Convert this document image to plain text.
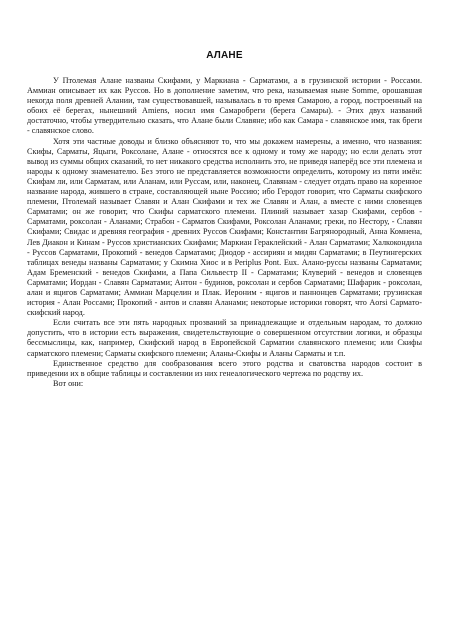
АЛАНЕ

У Птолемая Алане названы Скифами, у Маркиана - Сарматами, а в грузинской истории - Россами. Аммиан описывает их как Руссов. Но в дополнение заметим, что река, называемая ныне Somme, орошавшая некогда поля древней Алании, там существовавшей, называлась в то время Самарою, а город, построенный на обоих её берегах, нынешний Amiens, носил имя Самаробреги (берега Самары). - Этих двух названий достаточно, чтобы утвердительно сказать, что Алане были Славяне; ибо как Самара - славянское имя, так бреги - славянское слово.

Хотя эти частные доводы и близко объясняют то, что мы докажем намерены, а именно, что названия: Скифы, Сарматы, Яцыги, Роксолане, Алане - относятся все к одному и тому же народу; но если делать этот вывод из суммы общих сказаний, то нет никакого средства исполнить это, не приведя наперёд все эти племена и народы к одному знаменателю. Без этого не представляется возможности определить, которому из пяти имён: Скифам ли, или Сарматам, или Аланам, или Руссам, или, наконец, Славянам - следует отдать право на коренное название народа, жившего в стране, составляющей ныне Россию; ибо Геродот говорит, что Сарматы скифского племени, Птолемай называет Славян и Алан Скифами и тех же Славян и Алан, а вместе с ними словенцев Сарматами; он же говорит, что Скифы сарматского племени. Плиний называет хазар Скифами, сербов - Сарматами, роксолан - Аланами; Страбон - Сарматов Скифами, Роксолан Аланами; греки, по Нестору, - Славян Скифами; Свидас и древняя география - древних Руссов Скифами; Константин Багрянородный, Анна Комнена, Лев Диакон и Кинам - Руссов христианских Скифами; Маркиан Гераклейский - Алан Сарматами; Халкокондила - Руссов Сарматами, Прокопий - венедов Сарматами; Диодор - ассириян и мидян Сарматами; в Пеутингерских таблицах венеды названы Сарматами; у Скимна Хиос и в Periplus Pont. Eux. Алано-руссы названы Сарматами; Адам Бременский - венедов Скифами, а Папа Сильвестр II - Сарматами; Клуверий - венедов и словенцев Сарматами; Иордан - Славян Сарматами; Антон - будинов, роксолан и сербов Сарматами; Шафарик - роксолан, алан и яцигов Сарматами; Аммиан Марцелин и Плак. Иероним - яцигов и паннонцев Сарматами; грузинская история - Алан Россами; Прокопий - антов и славян Аланами; некоторые историки говорят, что Aorsi Сармато-скифский народ.

Если считать все эти пять народных прозваний за принадлежащие и отдельным народам, то должно допустить, что в истории есть выражения, свидетельствующие о совершенном отсутствии логики, и образцы бессмыслицы, как, например, Скифский народ в Европейской Сарматии славянского племени; или Скифы сарматского племени; Сарматы скифского племени; Аланы-Скифы и Аланы Сарматы и т.п.

Единственное средство для сообразования всего этого родства и сватовства народов состоит в приведении их в общие таблицы и составлении из них генеалогического чертежа по родству их.

Вот они:
